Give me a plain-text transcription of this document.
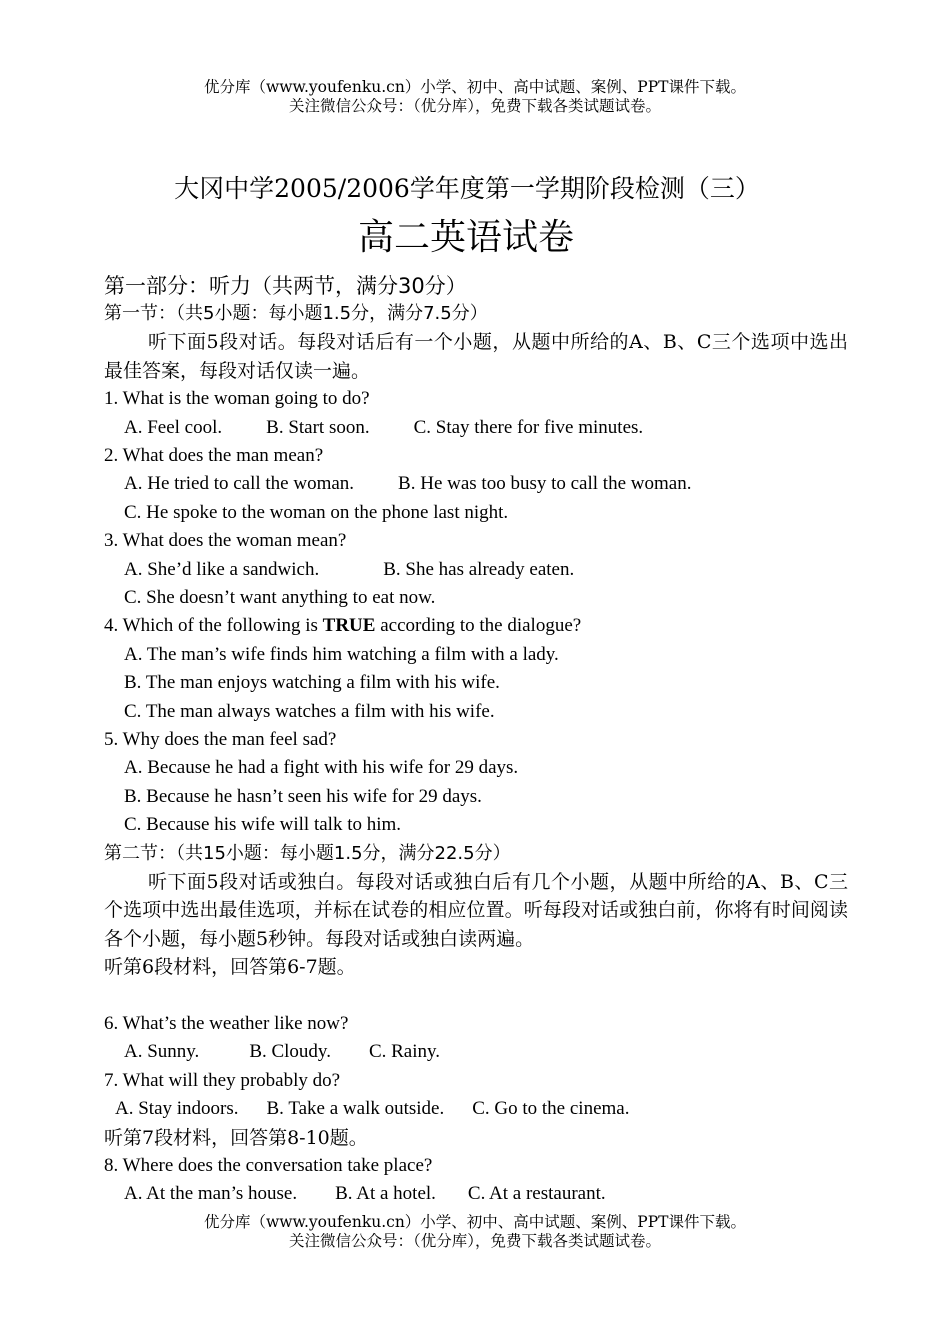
优分库（www.youfenku.cn）小学、初中、高中试题、案例、PPT课件下载。
关注微信公众号：（优分库），免费下载各类试题试卷。
大冈中学2005/2006学年度第一学期阶段检测（三）
高二英语试卷
第一部分：听力（共两节，满分30分）
第一节：（共5小题：每小题1.5分，满分7.5分）
听下面5段对话。每段对话后有一个小题，从题中所给的A、B、C三个选项中选出最佳答案，每段对话仅读一遍。
1. What is the woman going to do?
A. Feel cool. B. Start soon. C. Stay there for five minutes.
2. What does the man mean?
A. He tried to call the woman. B. He was too busy to call the woman.
C. He spoke to the woman on the phone last night.
3. What does the woman mean?
A. She’d like a sandwich.	B. She has already eaten.
C. She doesn’t want anything to eat now.
4. Which of the following is TRUE according to the dialogue?
A. The man’s wife finds him watching a film with a lady.
B. The man enjoys watching a film with his wife.
C. The man always watches a film with his wife.
5. Why does the man feel sad?
A. Because he had a fight with his wife for 29 days.
B. Because he hasn’t seen his wife for 29 days.
C. Because his wife will talk to him.
第二节：（共15小题：每小题1.5分，满分22.5分）
听下面5段对话或独白。每段对话或独白后有几个小题，从题中所给的A、B、C三个选项中选出最佳选项，并标在试卷的相应位置。听每段对话或独白前，你将有时间阅读各个小题，每小题5秒钟。每段对话或独白读两遍。
听第6段材料，回答第6-7题。
6. What’s the weather like now?
A. Sunny.	B. Cloudy. C. Rainy.
7. What will they probably do?
A. Stay indoors. B. Take a walk outside. C. Go to the cinema.
听第7段材料，回答第8-10题。
8. Where does the conversation take place?
A. At the man’s house. B. At a hotel. C. At a restaurant.
优分库（www.youfenku.cn）小学、初中、高中试题、案例、PPT课件下载。
关注微信公众号：（优分库），免费下载各类试题试卷。
